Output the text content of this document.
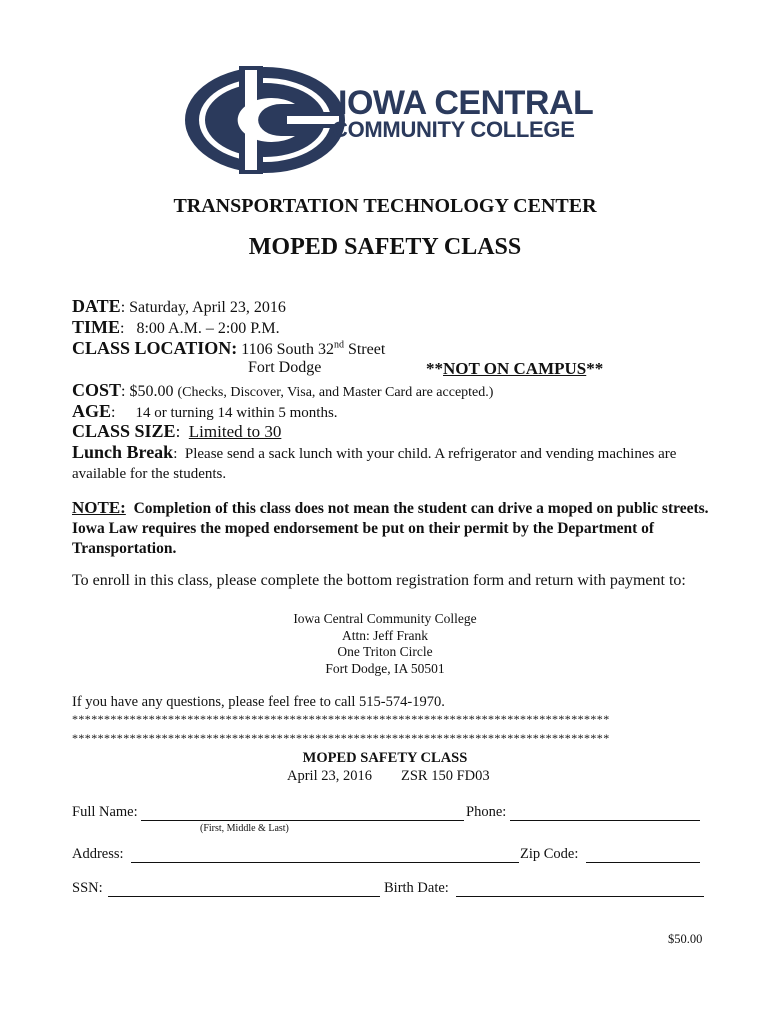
IOWA CENTRAL
COMMUNITY COLLEGE
TRANSPORTATION TECHNOLOGY CENTER
MOPED SAFETY CLASS
DATE: Saturday, April 23, 2016
TIME:   8:00 A.M. – 2:00 P.M.
CLASS LOCATION: 1106 South 32nd Street
Fort Dodge	**NOT ON CAMPUS**
COST: $50.00 (Checks, Discover, Visa, and Master Card are accepted.)
AGE:     14 or turning 14 within 5 months.
CLASS SIZE:  Limited to 30
Lunch Break:  Please send a sack lunch with your child. A refrigerator and vending machines are available for the students.
NOTE: Completion of this class does not mean the student can drive a moped on public streets. Iowa Law requires the moped endorsement be put on their permit by the Department of Transportation.
To enroll in this class, please complete the bottom registration form and return with payment to:
Iowa Central Community College
Attn: Jeff Frank
One Triton Circle
Fort Dodge, IA 50501
If you have any questions, please feel free to call 515-574-1970.
************************************************************************************
************************************************************************************
MOPED SAFETY CLASS
April 23, 2016 ZSR 150 FD03
Full Name:	Phone:
(First, Middle & Last)
Address:	Zip Code:
SSN:	Birth Date:
$50.00
